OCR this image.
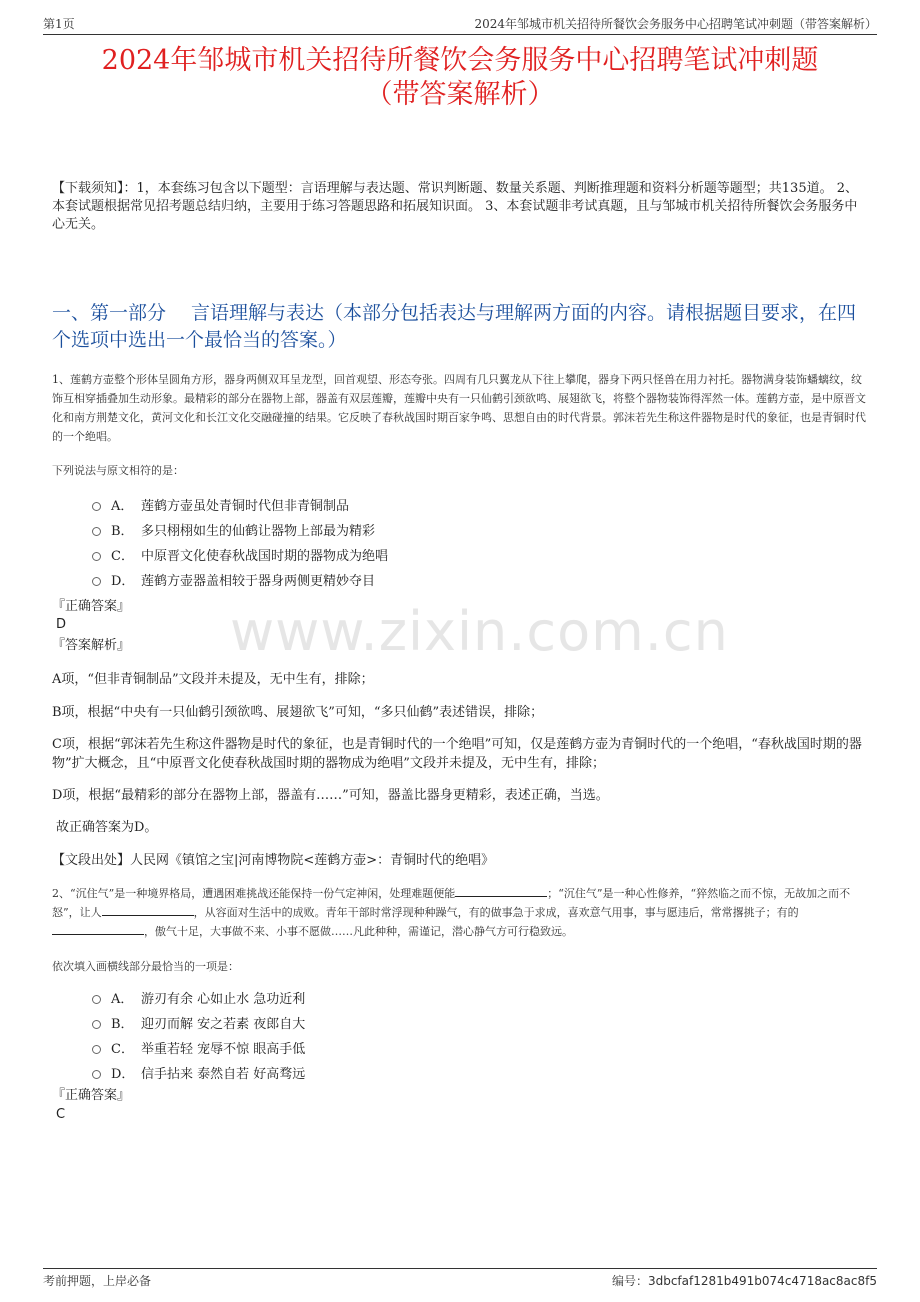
第1页	2024年邹城市机关招待所餐饮会务服务中心招聘笔试冲刺题（带答案解析）
2024年邹城市机关招待所餐饮会务服务中心招聘笔试冲刺题
（带答案解析）
【下载须知】：1，本套练习包含以下题型：言语理解与表达题、常识判断题、数量关系题、判断推理题和资料分析题等题型；共135道。 2、本套试题根据常见招考题总结归纳，主要用于练习答题思路和拓展知识面。 3、本套试题非考试真题，且与邹城市机关招待所餐饮会务服务中心无关。
一、第一部分　 言语理解与表达（本部分包括表达与理解两方面的内容。请根据题目要求，在四个选项中选出一个最恰当的答案。）
www.zixin.com.cn
1、莲鹤方壶整个形体呈圆角方形，器身两侧双耳呈龙型，回首观望、形态夸张。四周有几只翼龙从下往上攀爬，器身下两只怪兽在用力衬托。器物满身装饰蟠螭纹，纹饰互相穿插叠加生动形象。最精彩的部分在器物上部，器盖有双层莲瓣，莲瓣中央有一只仙鹤引颈欲鸣、展翅欲飞，将整个器物装饰得浑然一体。莲鹤方壶，是中原晋文化和南方荆楚文化，黄河文化和长江文化交融碰撞的结果。它反映了春秋战国时期百家争鸣、思想自由的时代背景。郭沫若先生称这件器物是时代的象征，也是青铜时代的一个绝唱。
下列说法与原文相符的是：
A． 莲鹤方壶虽处青铜时代但非青铜制品
B． 多只栩栩如生的仙鹤让器物上部最为精彩
C． 中原晋文化使春秋战国时期的器物成为绝唱
D． 莲鹤方壶器盖相较于器身两侧更精妙夺目
『正确答案』
D
『答案解析』
A项，“但非青铜制品”文段并未提及，无中生有，排除；
B项，根据“中央有一只仙鹤引颈欲鸣、展翅欲飞”可知，“多只仙鹤”表述错误，排除；
C项，根据“郭沫若先生称这件器物是时代的象征，也是青铜时代的一个绝唱”可知，仅是莲鹤方壶为青铜时代的一个绝唱，“春秋战国时期的器物”扩大概念，且“中原晋文化使春秋战国时期的器物成为绝唱”文段并未提及，无中生有，排除；
D项，根据“最精彩的部分在器物上部，器盖有……”可知，器盖比器身更精彩，表述正确，当选。
故正确答案为D。
【文段出处】人民网《镇馆之宝|河南博物院<莲鹤方壶>：青铜时代的绝唱》
2、“沉住气”是一种境界格局，遭遇困难挑战还能保持一份气定神闲，处理难题便能	；“沉住气”是一种心性修养，“猝然临之而不惊，无故加之而不怒”，让人	，从容面对生活中的成败。青年干部时常浮现种种躁气，有的做事急于求成，喜欢意气用事，事与愿违后，常常撂挑子；有的，傲气十足，大事做不来、小事不愿做……凡此种种，需谨记，潜心静气方可行稳致远。
依次填入画横线部分最恰当的一项是：
A． 游刃有余 心如止水 急功近利
B． 迎刃而解 安之若素 夜郎自大
C． 举重若轻 宠辱不惊 眼高手低
D． 信手拈来 泰然自若 好高骛远
『正确答案』
C
考前押题，上岸必备	编号：3dbcfaf1281b491b074c4718ac8ac8f5
